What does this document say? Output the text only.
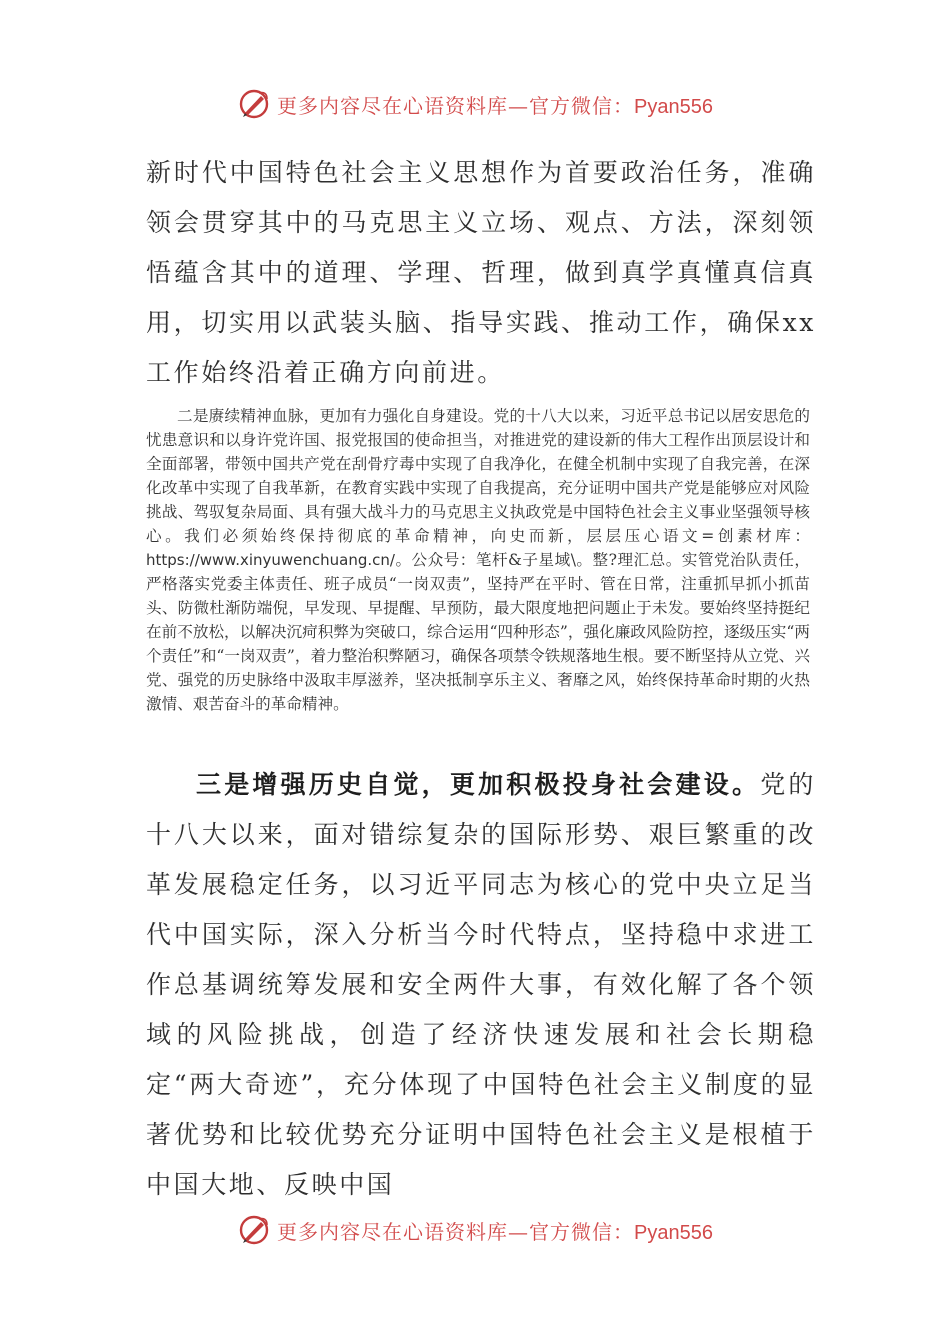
更多内容尽在心语资料库—官方微信：Pyan556

新时代中国特色社会主义思想作为首要政治任务，准确领会贯穿其中的马克思主义立场、观点、方法，深刻领悟蕴含其中的道理、学理、哲理，做到真学真懂真信真用，切实用以武装头脑、指导实践、推动工作，确保xx工作始终沿着正确方向前进。

二是赓续精神血脉，更加有力强化自身建设。党的十八大以来，习近平总书记以居安思危的忧患意识和以身许党许国、报党报国的使命担当，对推进党的建设新的伟大工程作出顶层设计和全面部署，带领中国共产党在刮骨疗毒中实现了自我净化，在健全机制中实现了自我完善，在深化改革中实现了自我革新，在教育实践中实现了自我提高，充分证明中国共产党是能够应对风险挑战、驾驭复杂局面、具有强大战斗力的马克思主义执政党是中国特色社会主义事业坚强领导核心。我们必须始终保持彻底的革命精神，向史而新，层层压心语文=创素材库：https://www.xinyuwenchuang.cn/。公众号：笔杆&子星域\。整?理汇总。实管党治队责任，严格落实党委主体责任、班子成员“一岗双责”，坚持严在平时、管在日常，注重抓早抓小抓苗头、防微杜渐防端倪，早发现、早提醒、早预防，最大限度地把问题止于未发。要始终坚持挺纪在前不放松，以解决沉疴积弊为突破口，综合运用“四种形态”，强化廉政风险防控，逐级压实“两个责任”和“一岗双责”，着力整治积弊陋习，确保各项禁令铁规落地生根。要不断坚持从立党、兴党、强党的历史脉络中汲取丰厚滋养，坚决抵制享乐主义、奢靡之风，始终保持革命时期的火热激情、艰苦奋斗的革命精神。

三是增强历史自觉，更加积极投身社会建设。党的十八大以来，面对错综复杂的国际形势、艰巨繁重的改革发展稳定任务，以习近平同志为核心的党中央立足当代中国实际，深入分析当今时代特点，坚持稳中求进工作总基调统筹发展和安全两件大事，有效化解了各个领域的风险挑战，创造了经济快速发展和社会长期稳定“两大奇迹”，充分体现了中国特色社会主义制度的显著优势和比较优势充分证明中国特色社会主义是根植于中国大地、反映中国

更多内容尽在心语资料库—官方微信：Pyan556
